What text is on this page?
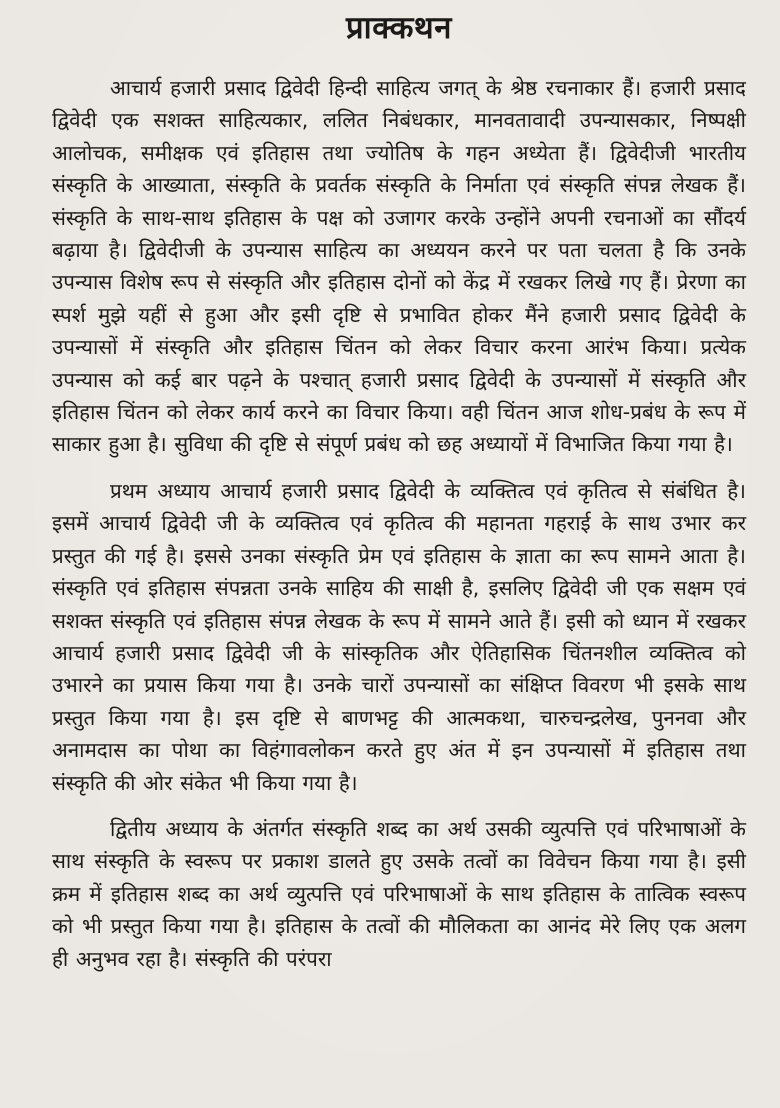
प्राक्कथन

आचार्य हजारी प्रसाद द्विवेदी हिन्दी साहित्य जगत् के श्रेष्ठ रचनाकार हैं। हजारी प्रसाद द्विवेदी एक सशक्त साहित्यकार, ललित निबंधकार, मानवतावादी उपन्यासकार, निष्पक्षी आलोचक, समीक्षक एवं इतिहास तथा ज्योतिष के गहन अध्येता हैं। द्विवेदीजी भारतीय संस्कृति के आख्याता, संस्कृति के प्रवर्तक संस्कृति के निर्माता एवं संस्कृति संपन्न लेखक हैं। संस्कृति के साथ-साथ इतिहास के पक्ष को उजागर करके उन्होंने अपनी रचनाओं का सौंदर्य बढ़ाया है। द्विवेदीजी के उपन्यास साहित्य का अध्ययन करने पर पता चलता है कि उनके उपन्यास विशेष रूप से संस्कृति और इतिहास दोनों को केंद्र में रखकर लिखे गए हैं। प्रेरणा का स्पर्श मुझे यहीं से हुआ और इसी दृष्टि से प्रभावित होकर मैंने हजारी प्रसाद द्विवेदी के उपन्यासों में संस्कृति और इतिहास चिंतन को लेकर विचार करना आरंभ किया। प्रत्येक उपन्यास को कई बार पढ़ने के पश्चात् हजारी प्रसाद द्विवेदी के उपन्यासों में संस्कृति और इतिहास चिंतन को लेकर कार्य करने का विचार किया। वही चिंतन आज शोध-प्रबंध के रूप में साकार हुआ है। सुविधा की दृष्टि से संपूर्ण प्रबंध को छह अध्यायों में विभाजित किया गया है।

प्रथम अध्याय आचार्य हजारी प्रसाद द्विवेदी के व्यक्तित्व एवं कृतित्व से संबंधित है। इसमें आचार्य द्विवेदी जी के व्यक्तित्व एवं कृतित्व की महानता गहराई के साथ उभार कर प्रस्तुत की गई है। इससे उनका संस्कृति प्रेम एवं इतिहास के ज्ञाता का रूप सामने आता है। संस्कृति एवं इतिहास संपन्नता उनके साहिय की साक्षी है, इसलिए द्विवेदी जी एक सक्षम एवं सशक्त संस्कृति एवं इतिहास संपन्न लेखक के रूप में सामने आते हैं। इसी को ध्यान में रखकर आचार्य हजारी प्रसाद द्विवेदी जी के सांस्कृतिक और ऐतिहासिक चिंतनशील व्यक्तित्व को उभारने का प्रयास किया गया है। उनके चारों उपन्यासों का संक्षिप्त विवरण भी इसके साथ प्रस्तुत किया गया है। इस दृष्टि से बाणभट्ट की आत्मकथा, चारुचन्द्रलेख, पुननवा और अनामदास का पोथा का विहंगावलोकन करते हुए अंत में इन उपन्यासों में इतिहास तथा संस्कृति की ओर संकेत भी किया गया है।

द्वितीय अध्याय के अंतर्गत संस्कृति शब्द का अर्थ उसकी व्युत्पत्ति एवं परिभाषाओं के साथ संस्कृति के स्वरूप पर प्रकाश डालते हुए उसके तत्वों का विवेचन किया गया है। इसी क्रम में इतिहास शब्द का अर्थ व्युत्पत्ति एवं परिभाषाओं के साथ इतिहास के तात्विक स्वरूप को भी प्रस्तुत किया गया है। इतिहास के तत्वों की मौलिकता का आनंद मेरे लिए एक अलग ही अनुभव रहा है। संस्कृति की परंपरा
